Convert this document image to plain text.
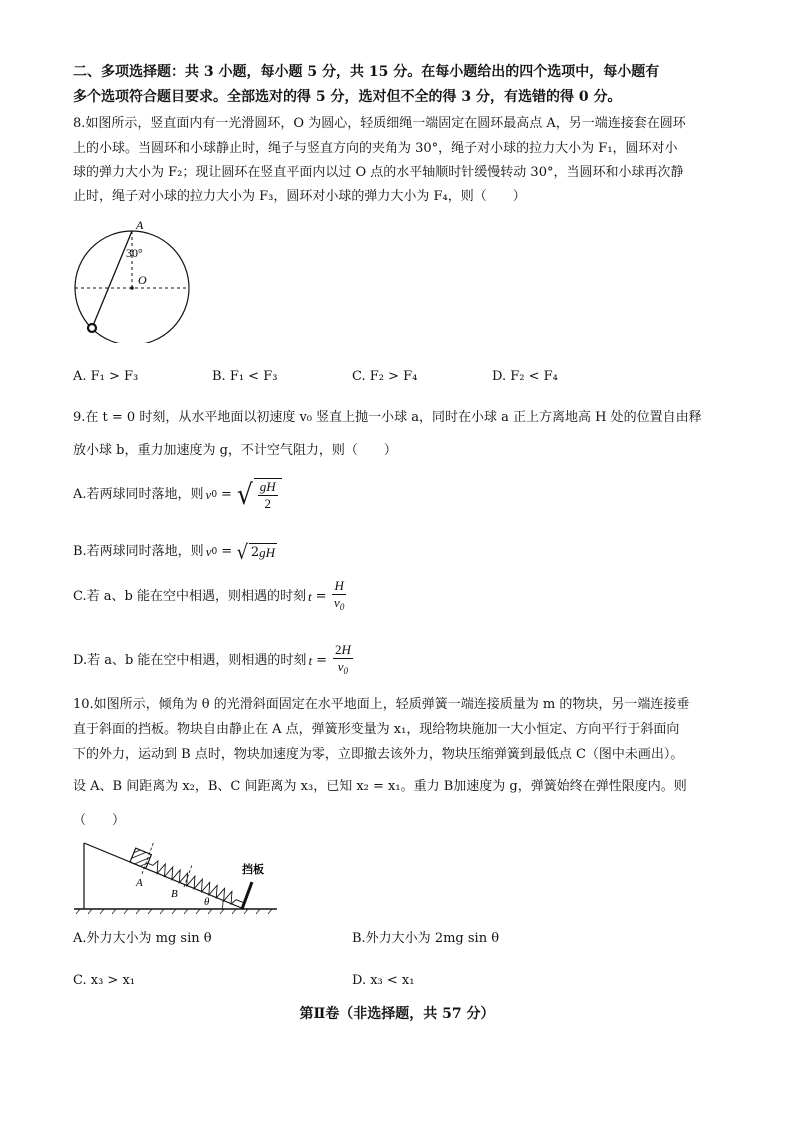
二、多项选择题：共 3 小题，每小题 5 分，共 15 分。在每小题给出的四个选项中，每小题有
多个选项符合题目要求。全部选对的得 5 分，选对但不全的得 3 分，有选错的得 0 分。
8.如图所示，竖直面内有一光滑圆环，O 为圆心，轻质细绳一端固定在圆环最高点 A，另一端连接套在圆环
上的小球。当圆环和小球静止时，绳子与竖直方向的夹角为 30°，绳子对小球的拉力大小为 F₁，圆环对小
球的弹力大小为 F₂；现让圆环在竖直平面内以过 O 点的水平轴顺时针缓慢转动 30°，当圆环和小球再次静
止时，绳子对小球的拉力大小为 F₃，圆环对小球的弹力大小为 F₄，则（　　）
A
O
30°
A. F₁ > F₃	B. F₁ < F₃	C. F₂ > F₄	D. F₂ < F₄
9.在 t = 0 时刻，从水平地面以初速度 v₀ 竖直上抛一小球 a，同时在小球 a 正上方离地高 H 处的位置自由释
放小球 b，重力加速度为 g，不计空气阻力，则（　　）
A.若两球同时落地，则 v 0 = √ $\frac{gH}{2}$
B.若两球同时落地，则 v 0 = √ 2 gH
C.若 a、b 能在空中相遇，则相遇的时刻 $t = \frac{H}{v_0}$
D.若 a、b 能在空中相遇，则相遇的时刻 $t = \frac{2H}{v_0}$
10.如图所示，倾角为 θ 的光滑斜面固定在水平地面上，轻质弹簧一端连接质量为 m 的物块，另一端连接垂
直于斜面的挡板。物块自由静止在 A 点，弹簧形变量为 x₁，现给物块施加一大小恒定、方向平行于斜面向
下的外力，运动到 B 点时，物块加速度为零，立即撤去该外力，物块压缩弹簧到最低点 C（图中未画出）。
设 A、B 间距离为 x₂，B、C 间距离为 x₃，已知 x₂ = x₁。重力 B加速度为 g，弹簧始终在弹性限度内。则
（　　）
A
B
θ
挡板
A.外力大小为 mg sin θ	B.外力大小为 2mg sin θ
C. x₃ > x₁	D. x₃ < x₁
第Ⅱ卷（非选择题，共 57 分）
